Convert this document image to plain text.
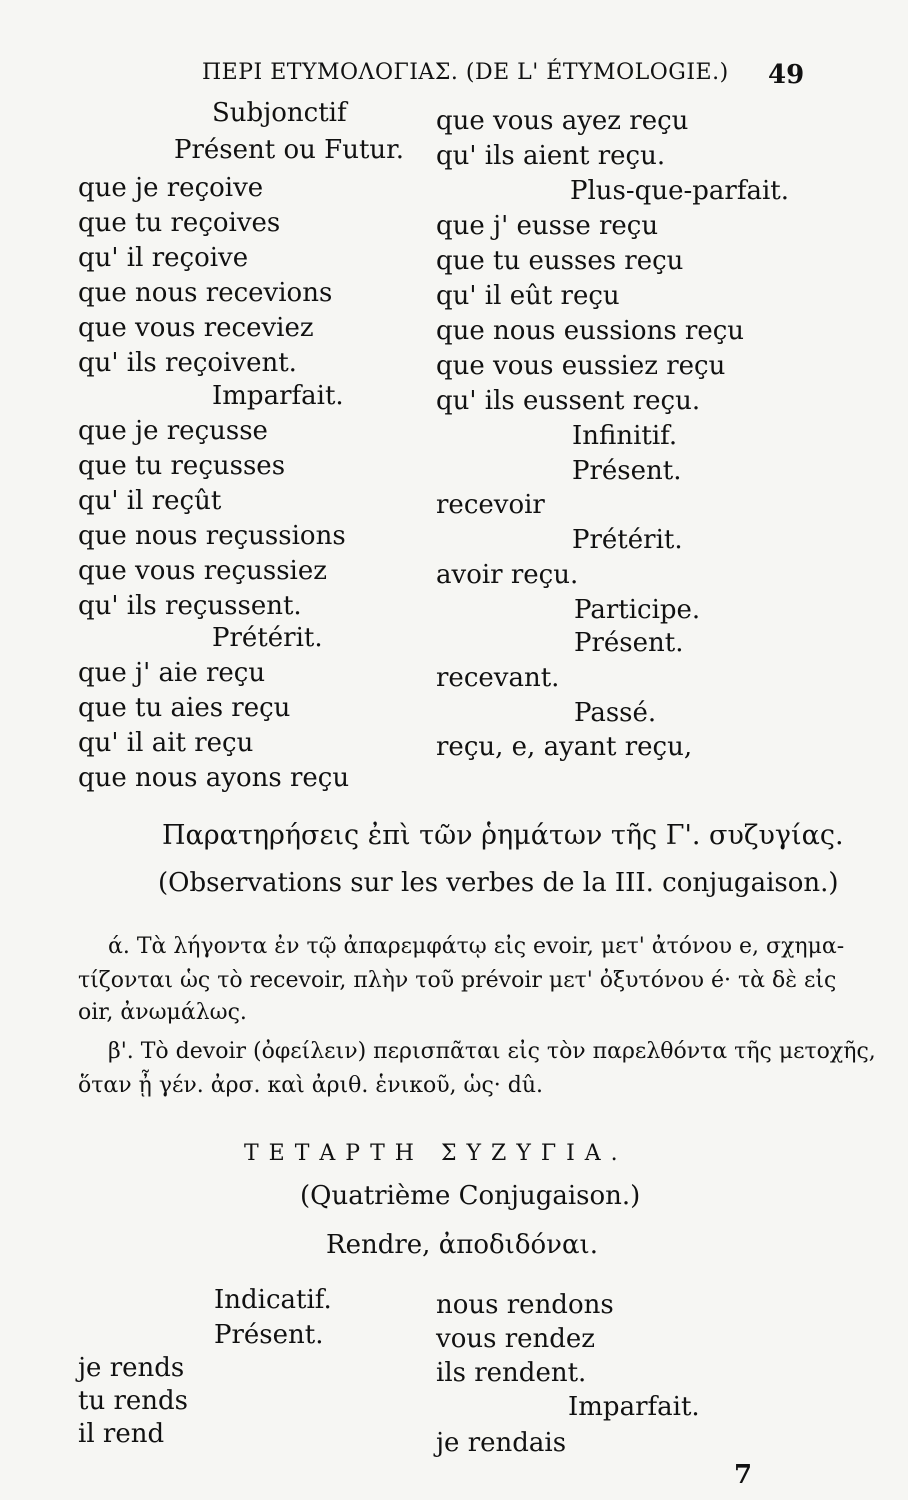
ΠΕΡΙ ΕΤΥΜΟΛΟΓΙΑΣ. (DE L' ÉTYMOLOGIE.) 49
Subjonctif
Présent ou Futur.
que je reçoive
que tu reçoives
qu' il reçoive
que nous recevions
que vous receviez
qu' ils reçoivent.
Imparfait.
que je reçusse
que tu reçusses
qu' il reçût
que nous reçussions
que vous reçussiez
qu' ils reçussent.
Prétérit.
que j' aie reçu
que tu aies reçu
qu' il ait reçu
que nous ayons reçu
que vous ayez reçu
qu' ils aient reçu.
Plus-que-parfait.
que j' eusse reçu
que tu eusses reçu
qu' il eût reçu
que nous eussions reçu
que vous eussiez reçu
qu' ils eussent reçu.
Infinitif.
Présent.
recevoir
Prétérit.
avoir reçu.
Participe.
Présent.
recevant.
Passé.
reçu, e, ayant reçu,
Παρατηρήσεις ἐπὶ τῶν ῥημάτων τῆς Γ'. συζυγίας.
(Observations sur les verbes de la III. conjugaison.)
ά. Τὰ λήγοντα ἐν τῷ ἀπαρεμφάτῳ εἰς evoir, μετ' ἀτόνου e, σχημα-
τίζονται ὡς τὸ recevoir, πλὴν τοῦ prévoir μετ' ὀξυτόνου é· τὰ δὲ εἰς
oir, ἀνωμάλως.
β'. Τὸ devoir (ὀφείλειν) περισπᾶται εἰς τὸν παρελθόντα τῆς μετοχῆς,
ὅταν ᾖ γέν. ἀρσ. καὶ ἀριθ. ἑνικοῦ, ὡς· dû.
ΤΕΤΑΡΤΗ ΣΥΖΥΓΙΑ.
(Quatrième Conjugaison.)
Rendre, ἀποδιδόναι.
Indicatif.
Présent.
je rends
tu rends
il rend
nous rendons
vous rendez
ils rendent.
Imparfait.
je rendais
7
